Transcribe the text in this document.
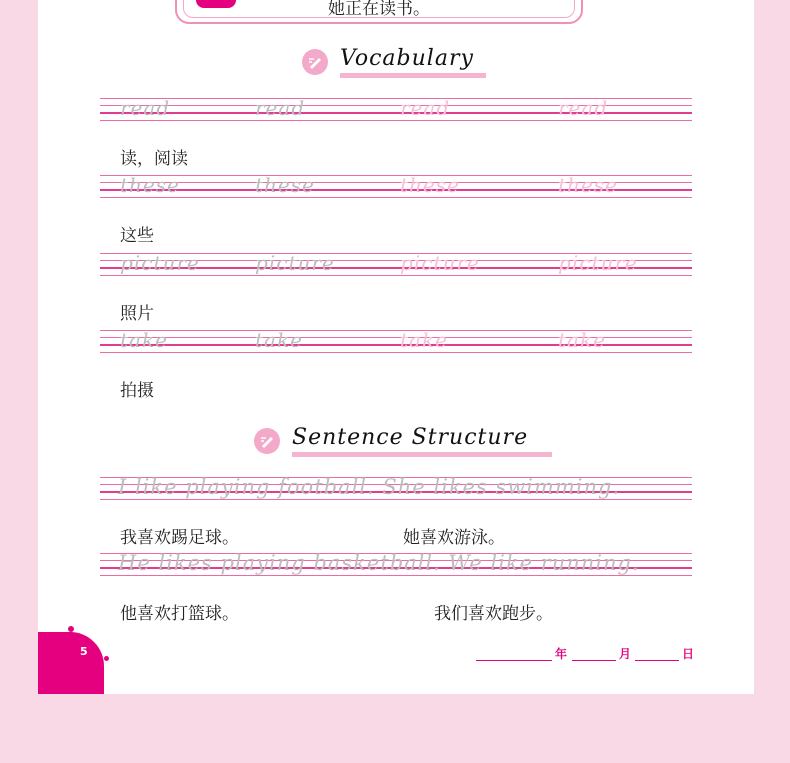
她正在读书。
Vocabulary
read	read	read	read
读，阅读
these	these	these	these
这些
picture	picture	picture	picture
照片
take	take	take	take
拍摄
Sentence Structure
I like playing football. She likes swimming.
我喜欢踢足球。	她喜欢游泳。
He likes playing basketball. We like running.
他喜欢打篮球。	我们喜欢跑步。
5	年	月	日
